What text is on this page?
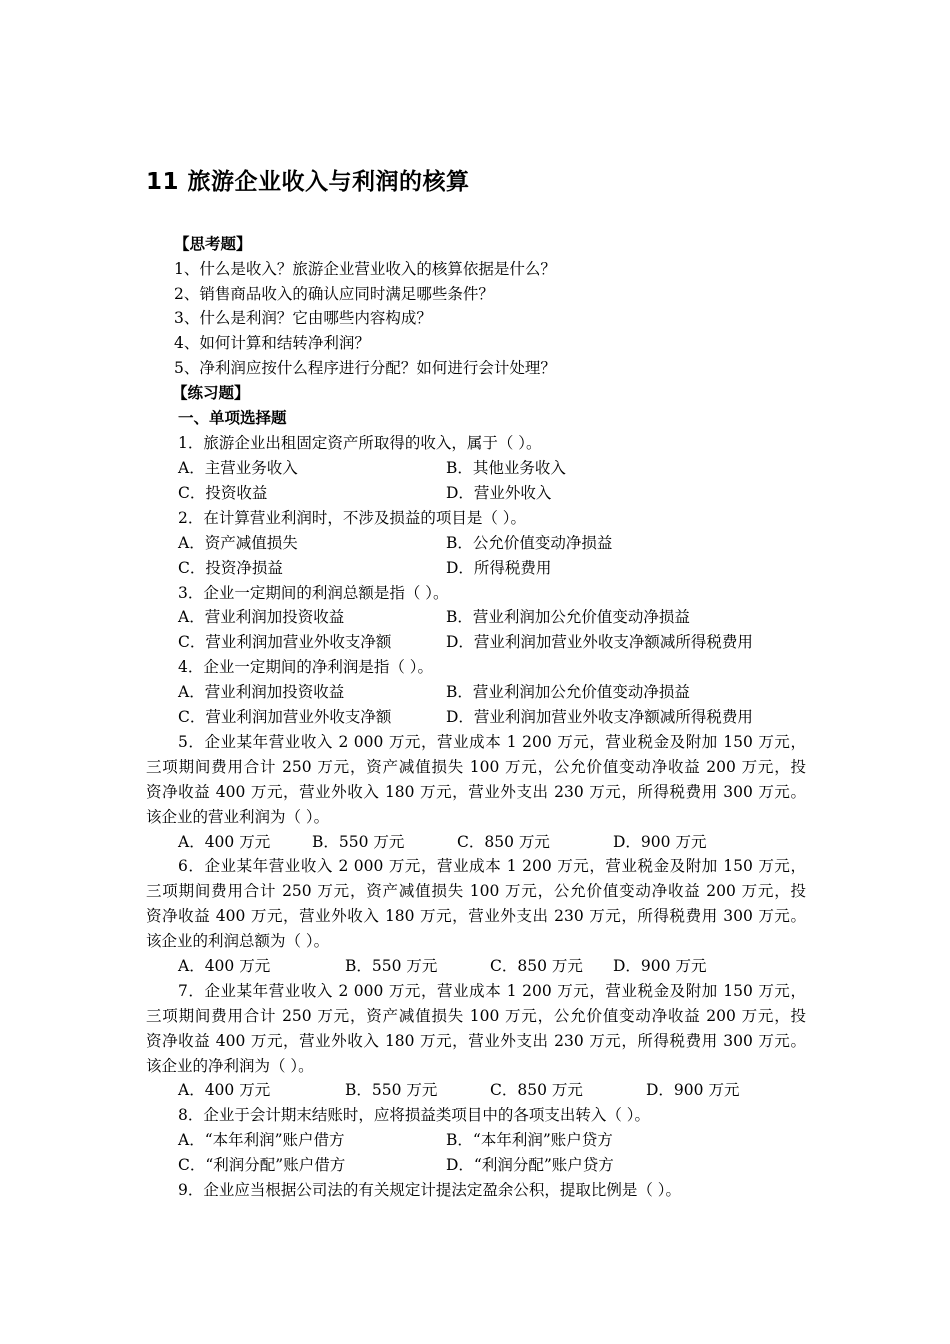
11 旅游企业收入与利润的核算
【思考题】
1、什么是收入？旅游企业营业收入的核算依据是什么？
2、销售商品收入的确认应同时满足哪些条件？
3、什么是利润？它由哪些内容构成？
4、如何计算和结转净利润？
5、净利润应按什么程序进行分配？如何进行会计处理？
【练习题】
一、单项选择题
1．旅游企业出租固定资产所取得的收入，属于（ ）。
A．主营业务收入	B．其他业务收入
C．投资收益	D．营业外收入
2．在计算营业利润时，不涉及损益的项目是（ ）。
A．资产减值损失	B．公允价值变动净损益
C．投资净损益	D．所得税费用
3．企业一定期间的利润总额是指（ ）。
A．营业利润加投资收益	B．营业利润加公允价值变动净损益
C．营业利润加营业外收支净额	D．营业利润加营业外收支净额减所得税费用
4．企业一定期间的净利润是指（ ）。
A．营业利润加投资收益	B．营业利润加公允价值变动净损益
C．营业利润加营业外收支净额	D．营业利润加营业外收支净额减所得税费用
5．企业某年营业收入 2 000 万元，营业成本 1 200 万元，营业税金及附加 150 万元，
三项期间费用合计 250 万元，资产减值损失 100 万元，公允价值变动净收益 200 万元，投
资净收益 400 万元，营业外收入 180 万元，营业外支出 230 万元，所得税费用 300 万元。
该企业的营业利润为（ ）。
A．400 万元	B．550 万元	C．850 万元	D．900 万元
6．企业某年营业收入 2 000 万元，营业成本 1 200 万元，营业税金及附加 150 万元，
三项期间费用合计 250 万元，资产减值损失 100 万元，公允价值变动净收益 200 万元，投
资净收益 400 万元，营业外收入 180 万元，营业外支出 230 万元，所得税费用 300 万元。
该企业的利润总额为（ ）。
A．400 万元	B．550 万元	C．850 万元 D．900 万元
7．企业某年营业收入 2 000 万元，营业成本 1 200 万元，营业税金及附加 150 万元，
三项期间费用合计 250 万元，资产减值损失 100 万元，公允价值变动净收益 200 万元，投
资净收益 400 万元，营业外收入 180 万元，营业外支出 230 万元，所得税费用 300 万元。
该企业的净利润为（ ）。
A．400 万元	B．550 万元	C．850 万元	D．900 万元
8．企业于会计期末结账时，应将损益类项目中的各项支出转入（ ）。
A．“本年利润”账户借方	B．“本年利润”账户贷方
C．“利润分配”账户借方	D．“利润分配”账户贷方
9．企业应当根据公司法的有关规定计提法定盈余公积，提取比例是（ ）。
